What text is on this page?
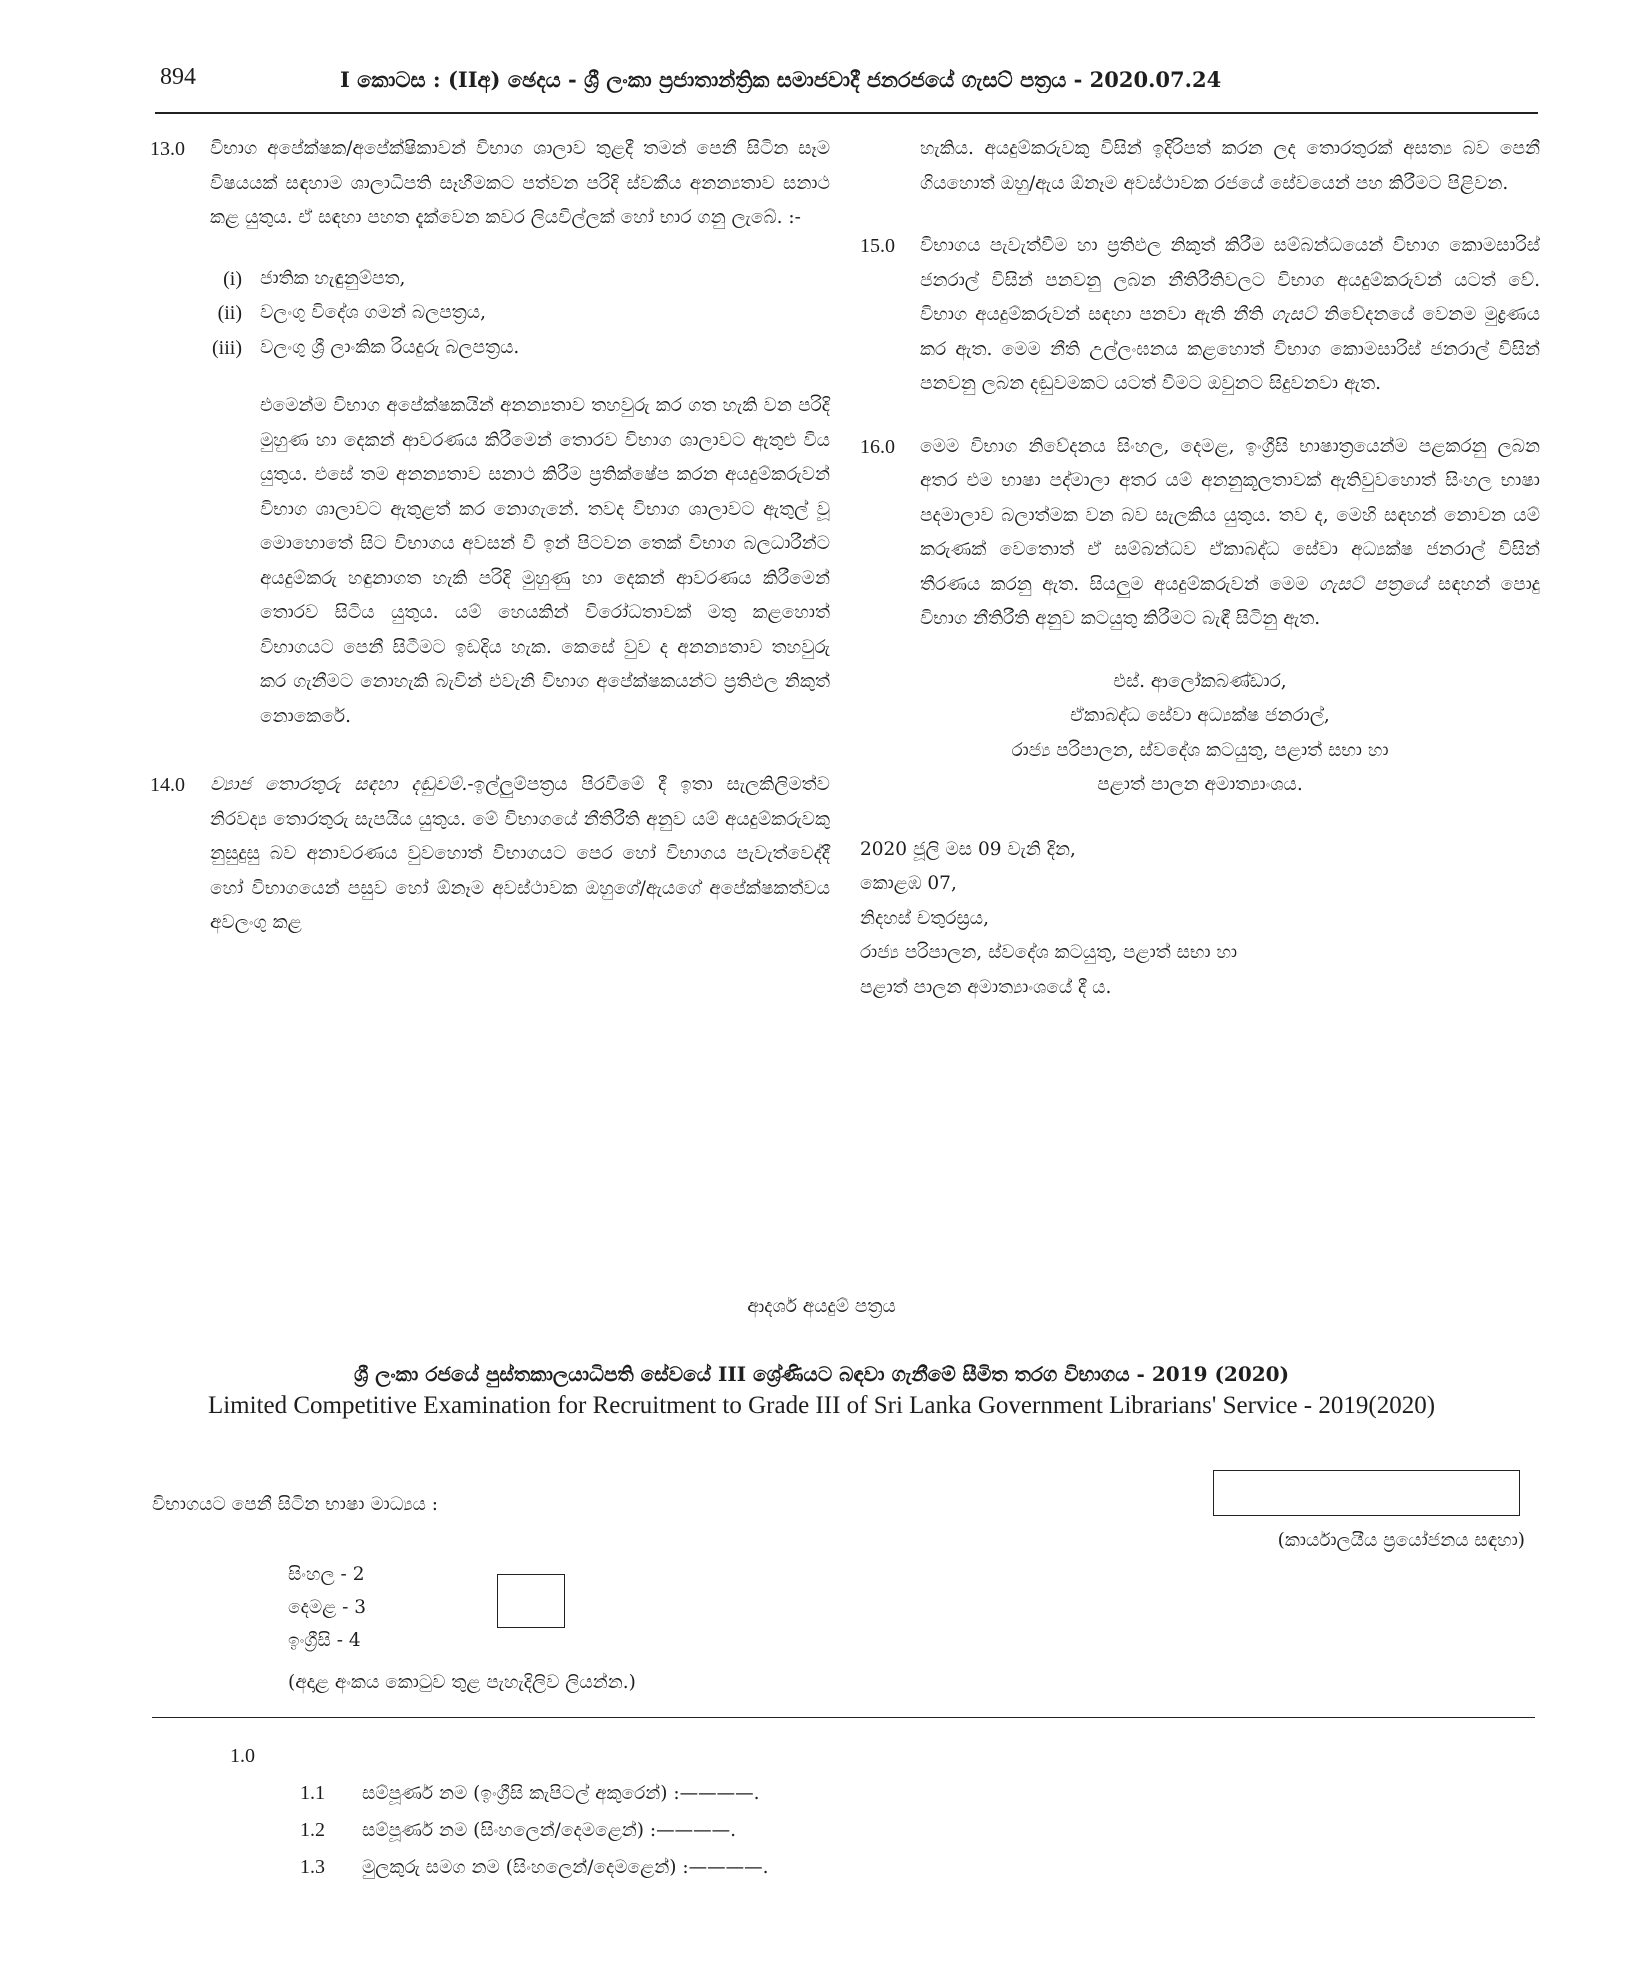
894	I කොටස : (IIඅ) ඡෙදය - ශ්‍රී ලංකා ප්‍රජාතාන්ත්‍රික සමාජවාදී ජනරජයේ ගැසට් පත්‍රය - 2020.07.24
13.0	විභාග අපේක්ෂක/අපේක්ෂිකාවන් විභාග ශාලාව තුළදී තමන් පෙනී සිටින සෑම විෂයයක් සඳහාම ශාලාධිපති සෑහීමකට පත්වන පරිදි ස්වකීය අනන්‍යතාව සනාථ කළ යුතුය. ඒ සඳහා පහත දැක්වෙන කවර ලියවිල්ලක් හෝ භාර ගනු ලැබේ. :-
(i) ජාතික හැඳුනුම්පත,
(ii) වලංගු විදේශ ගමන් බලපත්‍රය,
(iii) වලංගු ශ්‍රී ලාංකික රියදුරු බලපත්‍රය.
එමෙන්ම විභාග අපේක්ෂකයින් අනන්‍යතාව තහවුරු කර ගත හැකි වන පරිදි මුහුණ හා දෙකන් ආවරණය කිරීමෙන් තොරව විභාග ශාලාවට ඇතුළු විය යුතුය. එසේ තම අනන්‍යතාව සනාථ කිරීම ප්‍රතික්ෂේප කරන අයදුම්කරුවන් විභාග ශාලාවට ඇතුළත් කර නොගැනේ. තවද විභාග ශාලාවට ඇතුල් වූ මොහොතේ සිට විභාගය අවසන් වී ඉන් පිටවන තෙක් විභාග බලධාරීන්ට අයදුම්කරු හඳුනාගත හැකි පරිදි මුහුණු හා දෙකන් ආවරණය කිරීමෙන් තොරව සිටිය යුතුය. යම් හෙයකින් විරෝධතාවක් මතු කළහොත් විභාගයට පෙනී සිටීමට ඉඩදිය හැක. කෙසේ වුව ද අනන්‍යතාව තහවුරු කර ගැනීමට නොහැකි බැවින් එවැනි විභාග අපේක්ෂකයන්ට ප්‍රතිඵල නිකුත් නොකෙරේ.
14.0	ව්‍යාජ තොරතුරු සඳහා දඬුවම්.-ඉල්ලුම්පත්‍රය පිරවීමේ දී ඉතා සැලකිලිමත්ව නිරවද්‍ය තොරතුරු සැපයිය යුතුය. මේ විභාගයේ නීතිරීති අනුව යම් අයදුම්කරුවකු නුසුදුසු බව අනාවරණය වුවහොත් විභාගයට පෙර හෝ විභාගය පැවැත්වෙද්දී හෝ විභාගයෙන් පසුව හෝ ඕනෑම අවස්ථාවක ඔහුගේ/ඇයගේ අපේක්ෂකත්වය අවලංගු කළ
හැකිය. අයදුම්කරුවකු විසින් ඉදිරිපත් කරන ලද තොරතුරක් අසත්‍ය බව පෙනී ගියහොත් ඔහු/ඇය ඕනෑම අවස්ථාවක රජයේ සේවයෙන් පහ කිරීමට පිළිවන.
15.0	විභාගය පැවැත්වීම හා ප්‍රතිඵල නිකුත් කිරීම සම්බන්ධයෙන් විභාග කොමසාරිස් ජනරාල් විසින් පනවනු ලබන නීතිරීතිවලට විභාග අයදුම්කරුවන් යටත් වේ. විභාග අයදුම්කරුවන් සඳහා පනවා ඇති නීති ගැසට් නිවේදනයේ වෙනම මුද්‍රණය කර ඇත. මෙම නීති උල්ලංඝනය කළහොත් විභාග කොමසාරිස් ජනරාල් විසින් පනවනු ලබන දඬුවමකට යටත් වීමට ඔවුනට සිදුවනවා ඇත.
16.0	මෙම විභාග නිවේදනය සිංහල, දෙමළ, ඉංග්‍රීසි භාෂාත්‍රයෙන්ම පළකරනු ලබන අතර එම භාෂා පද්මාලා අතර යම් අනනුකූලතාවක් ඇතිවුවහොත් සිංහල භාෂා පදමාලාව බලාත්මක වන බව සැලකිය යුතුය. තව ද, මෙහි සඳහන් නොවන යම් කරුණක් වෙතොත් ඒ සම්බන්ධව ඒකාබද්ධ සේවා අධ්‍යක්ෂ ජනරාල් විසින් තීරණය කරනු ඇත. සියලුම අයදුම්කරුවන් මෙම ගැසට් පත්‍රයේ සඳහන් පොදු විභාග නීතිරීති අනුව කටයුතු කිරීමට බැඳී සිටිනු ඇත.
එස්. ආලෝකබණ්ඩාර,
ඒකාබද්ධ සේවා අධ්‍යක්ෂ ජනරාල්,
රාජ්‍ය පරිපාලන, ස්වදේශ කටයුතු, පළාත් සභා හා
පළාත් පාලන අමාත්‍යාංශය.
2020 ජූලි මස 09 වැනි දින,
කොළඹ 07,
නිදහස් චතුරස්‍රය,
රාජ්‍ය පරිපාලන, ස්වදේශ කටයුතු, පළාත් සභා හා
පළාත් පාලන අමාත්‍යාංශයේ දී ය.
ආදර්ශ අයදුම් පත්‍රය
ශ්‍රී ලංකා රජයේ පුස්තකාලයාධිපති සේවයේ III ශ්‍රේණියට බඳවා ගැනීමේ සීමිත තරග විභාගය - 2019 (2020)
Limited Competitive Examination for Recruitment to Grade III of Sri Lanka Government Librarians' Service - 2019(2020)
විභාගයට පෙනී සිටින භාෂා මාධ්‍යය :
(කාර්යාලයීය ප්‍රයෝජනය සඳහා)
සිංහල - 2
දෙමළ - 3
ඉංග්‍රීසි - 4
(අදාළ අංකය කොටුව තුළ පැහැදිලිව ලියන්න.)
1.0
1.1 සම්පූර්ණ නම (ඉංග්‍රීසි කැපිටල් අකුරෙන්) :————.
1.2 සම්පූර්ණ නම (සිංහලෙන්/දෙමළෙන්) :————.
1.3 මුලකුරු සමග නම (සිංහලෙන්/දෙමළෙන්) :————.
